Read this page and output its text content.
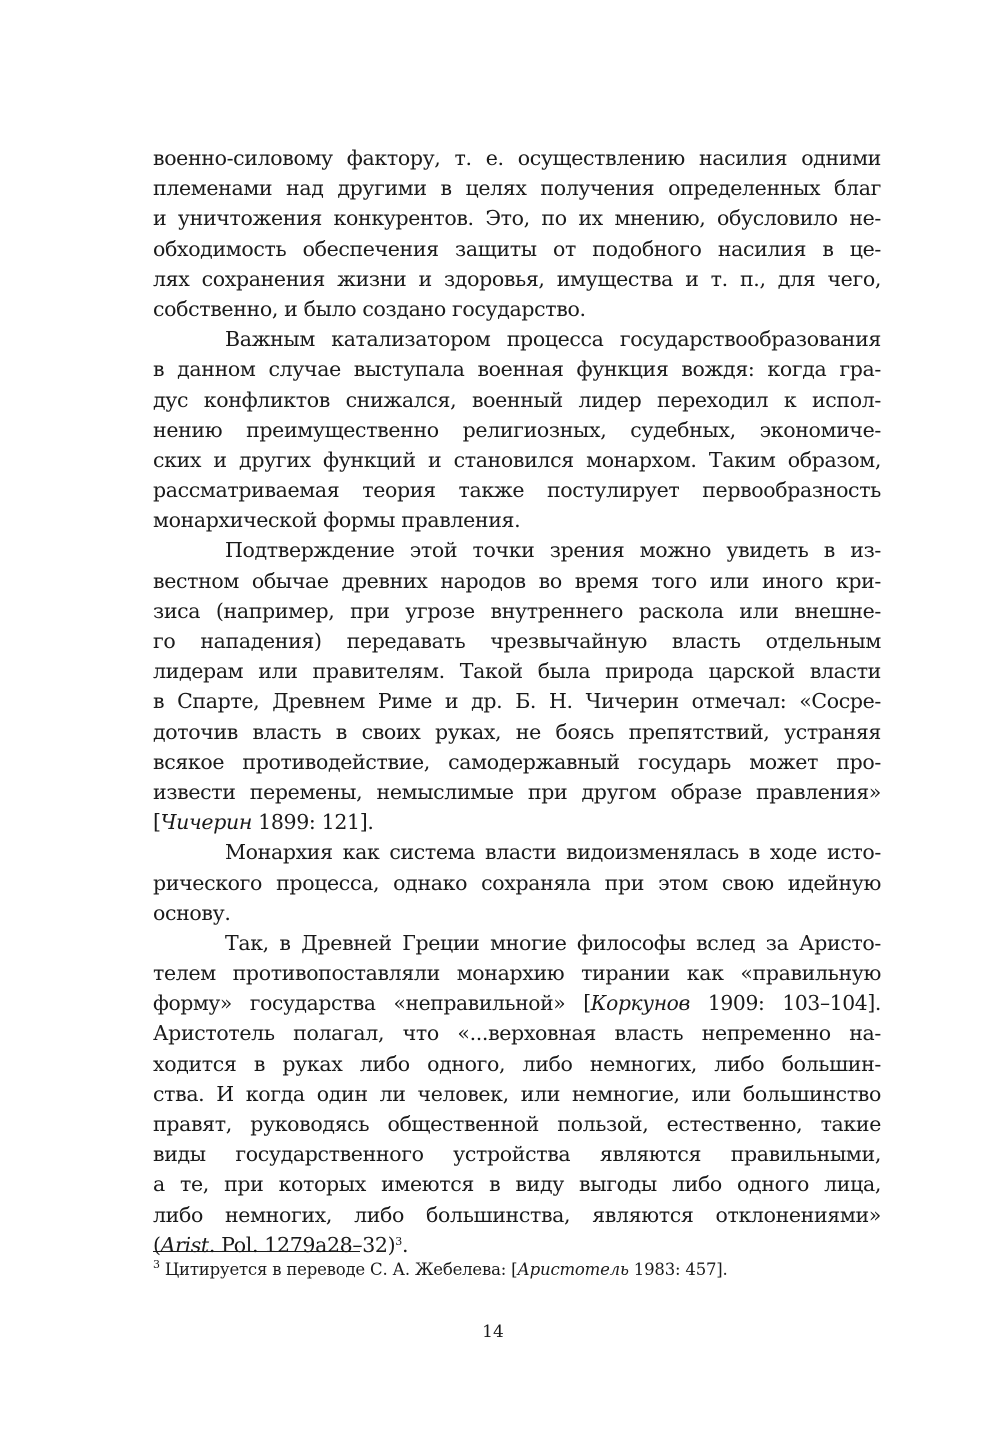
военно-силовому фактору, т. е. осуществлению насилия одними
племенами над другими в целях получения определенных благ
и уничтожения конкурентов. Это, по их мнению, обусловило не-
обходимость обеспечения защиты от подобного насилия в це-
лях сохранения жизни и здоровья, имущества и т. п., для чего,
собственно, и было создано государство.
Важным катализатором процесса государствообразования
в данном случае выступала военная функция вождя: когда гра-
дус конфликтов снижался, военный лидер переходил к испол-
нению преимущественно религиозных, судебных, экономиче-
ских и других функций и становился монархом. Таким образом,
рассматриваемая теория также постулирует первообразность
монархической формы правления.
Подтверждение этой точки зрения можно увидеть в из-
вестном обычае древних народов во время того или иного кри-
зиса (например, при угрозе внутреннего раскола или внешне-
го нападения) передавать чрезвычайную власть отдельным
лидерам или правителям. Такой была природа царской власти
в Спарте, Древнем Риме и др. Б. Н. Чичерин отмечал: «Сосре-
доточив власть в своих руках, не боясь препятствий, устраняя
всякое противодействие, самодержавный государь может про-
извести перемены, немыслимые при другом образе правления»
[Чичерин 1899: 121].
Монархия как система власти видоизменялась в ходе исто-
рического процесса, однако сохраняла при этом свою идейную
основу.
Так, в Древней Греции многие философы вслед за Аристо-
телем противопоставляли монархию тирании как «правильную
форму» государства «неправильной» [Коркунов 1909: 103–104].
Аристотель полагал, что «...верховная власть непременно на-
ходится в руках либо одного, либо немногих, либо большин-
ства. И когда один ли человек, или немногие, или большинство
правят, руководясь общественной пользой, естественно, такие
виды государственного устройства являются правильными,
а те, при которых имеются в виду выгоды либо одного лица,
либо немногих, либо большинства, являются отклонениями»
(Arist. Pol. 1279a28–32)$^3$.
$^3$ Цитируется в переводе С. А. Жебелева: [Аристотель 1983: 457].
14
